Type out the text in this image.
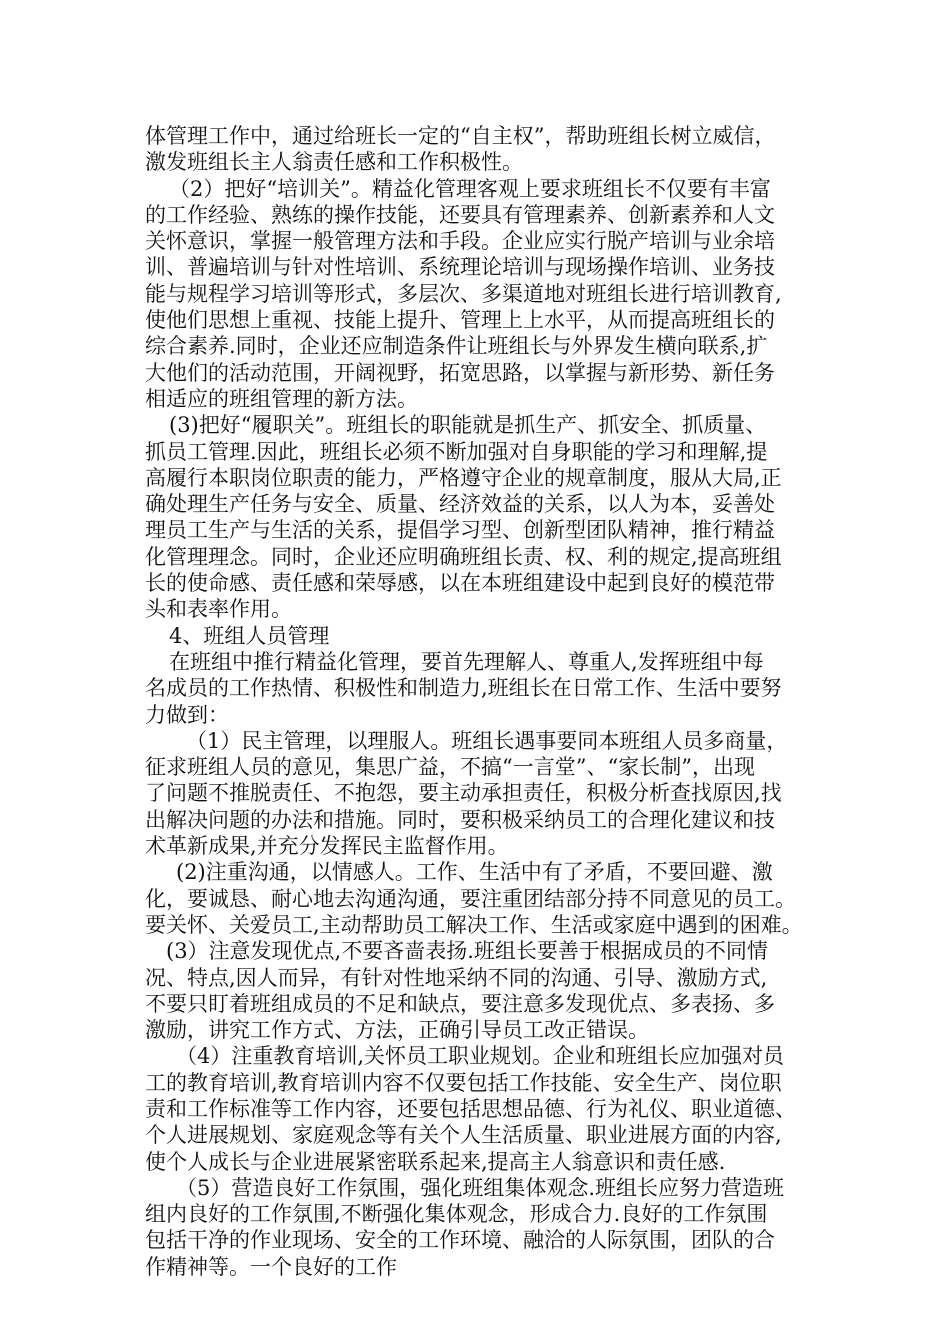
体管理工作中，通过给班长一定的“自主权”，帮助班组长树立威信，
激发班组长主人翁责任感和工作积极性。
（2）把好“培训关”。精益化管理客观上要求班组长不仅要有丰富
的工作经验、熟练的操作技能，还要具有管理素养、创新素养和人文
关怀意识，掌握一般管理方法和手段。企业应实行脱产培训与业余培
训、普遍培训与针对性培训、系统理论培训与现场操作培训、业务技
能与规程学习培训等形式，多层次、多渠道地对班组长进行培训教育,
使他们思想上重视、技能上提升、管理上上水平，从而提高班组长的
综合素养.同时，企业还应制造条件让班组长与外界发生横向联系,扩
大他们的活动范围，开阔视野，拓宽思路，以掌握与新形势、新任务
相适应的班组管理的新方法。
(3)把好“履职关”。班组长的职能就是抓生产、抓安全、抓质量、
抓员工管理.因此，班组长必须不断加强对自身职能的学习和理解,提
高履行本职岗位职责的能力，严格遵守企业的规章制度，服从大局,正
确处理生产任务与安全、质量、经济效益的关系，以人为本，妥善处
理员工生产与生活的关系，提倡学习型、创新型团队精神，推行精益
化管理理念。同时，企业还应明确班组长责、权、利的规定,提高班组
长的使命感、责任感和荣辱感，以在本班组建设中起到良好的模范带
头和表率作用。
4、班组人员管理
在班组中推行精益化管理，要首先理解人、尊重人,发挥班组中每
名成员的工作热情、积极性和制造力,班组长在日常工作、生活中要努
力做到：
（1）民主管理，以理服人。班组长遇事要同本班组人员多商量，
征求班组人员的意见，集思广益，不搞“一言堂”、“家长制”，出现
了问题不推脱责任、不抱怨，要主动承担责任，积极分析查找原因,找
出解决问题的办法和措施。同时，要积极采纳员工的合理化建议和技
术革新成果,并充分发挥民主监督作用。
(2)注重沟通，以情感人。工作、生活中有了矛盾，不要回避、激
化，要诚恳、耐心地去沟通沟通，要注重团结部分持不同意见的员工。
要关怀、关爱员工,主动帮助员工解决工作、生活或家庭中遇到的困难。
(3）注意发现优点,不要吝啬表扬.班组长要善于根据成员的不同情
况、特点,因人而异，有针对性地采纳不同的沟通、引导、激励方式,
不要只盯着班组成员的不足和缺点，要注意多发现优点、多表扬、多
激励，讲究工作方式、方法，正确引导员工改正错误。
（4）注重教育培训,关怀员工职业规划。企业和班组长应加强对员
工的教育培训,教育培训内容不仅要包括工作技能、安全生产、岗位职
责和工作标准等工作内容，还要包括思想品德、行为礼仪、职业道德、
个人进展规划、家庭观念等有关个人生活质量、职业进展方面的内容,
使个人成长与企业进展紧密联系起来,提高主人翁意识和责任感.
（5）营造良好工作氛围，强化班组集体观念.班组长应努力营造班
组内良好的工作氛围,不断强化集体观念，形成合力.良好的工作氛围
包括干净的作业现场、安全的工作环境、融洽的人际氛围，团队的合
作精神等。一个良好的工作
